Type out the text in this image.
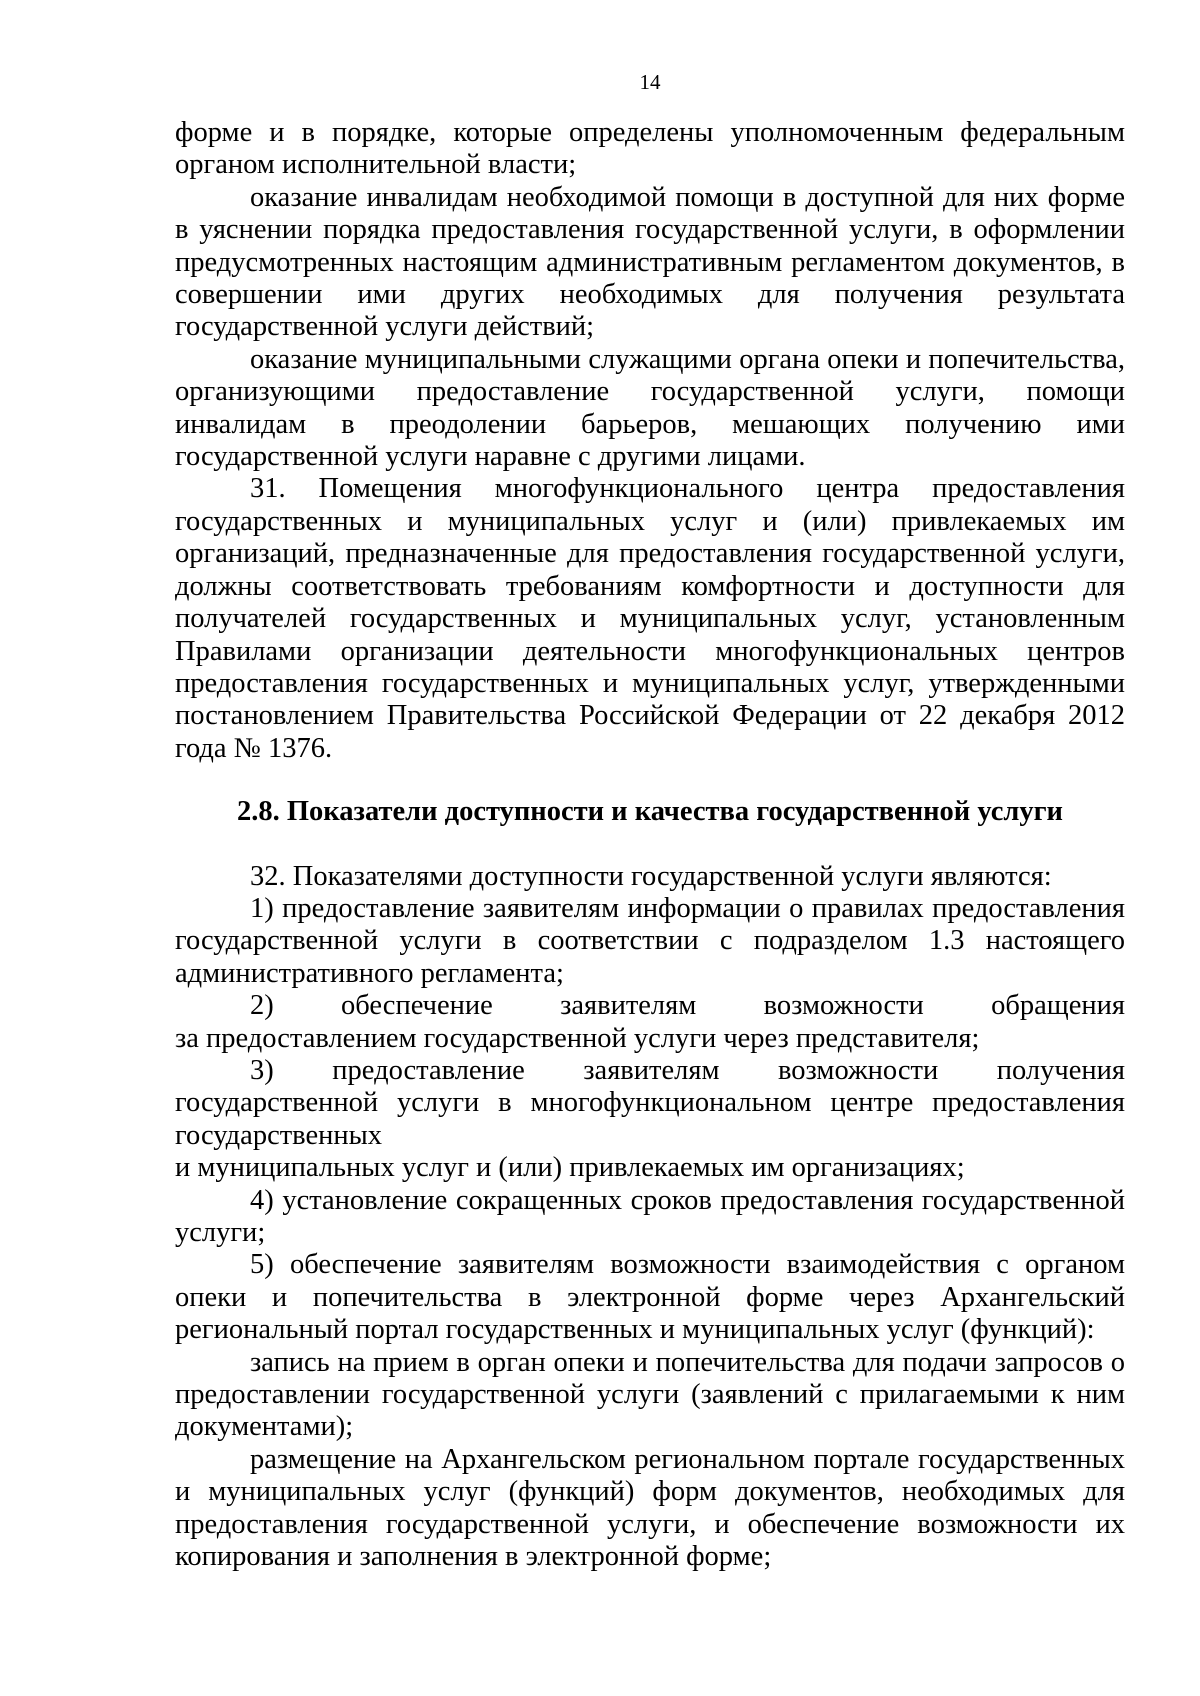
14

форме и в порядке, которые определены уполномоченным федеральным органом исполнительной власти;

оказание инвалидам необходимой помощи в доступной для них форме в уяснении порядка предоставления государственной услуги, в оформлении предусмотренных настоящим административным регламентом документов, в совершении ими других необходимых для получения результата государственной услуги действий;

оказание муниципальными служащими органа опеки и попечительства, организующими предоставление государственной услуги, помощи инвалидам в преодолении барьеров, мешающих получению ими государственной услуги наравне с другими лицами.

31. Помещения многофункционального центра предоставления государственных и муниципальных услуг и (или) привлекаемых им организаций, предназначенные для предоставления государственной услуги, должны соответствовать требованиям комфортности и доступности для получателей государственных и муниципальных услуг, установленным Правилами организации деятельности многофункциональных центров предоставления государственных и муниципальных услуг, утвержденными постановлением Правительства Российской Федерации от 22 декабря 2012 года № 1376.

2.8. Показатели доступности и качества государственной услуги

32. Показателями доступности государственной услуги являются:

1) предоставление заявителям информации о правилах предоставления государственной услуги в соответствии с подразделом 1.3 настоящего административного регламента;

2) обеспечение заявителям возможности обращения

за предоставлением государственной услуги через представителя;

3) предоставление заявителям возможности получения государственной услуги в многофункциональном центре предоставления государственных

и муниципальных услуг и (или) привлекаемых им организациях;

4) установление сокращенных сроков предоставления государственной услуги;

5) обеспечение заявителям возможности взаимодействия с органом опеки и попечительства в электронной форме через Архангельский региональный портал государственных и муниципальных услуг (функций):

запись на прием в орган опеки и попечительства для подачи запросов о предоставлении государственной услуги (заявлений с прилагаемыми к ним документами);

размещение на Архангельском региональном портале государственных и муниципальных услуг (функций) форм документов, необходимых для предоставления государственной услуги, и обеспечение возможности их копирования и заполнения в электронной форме;
